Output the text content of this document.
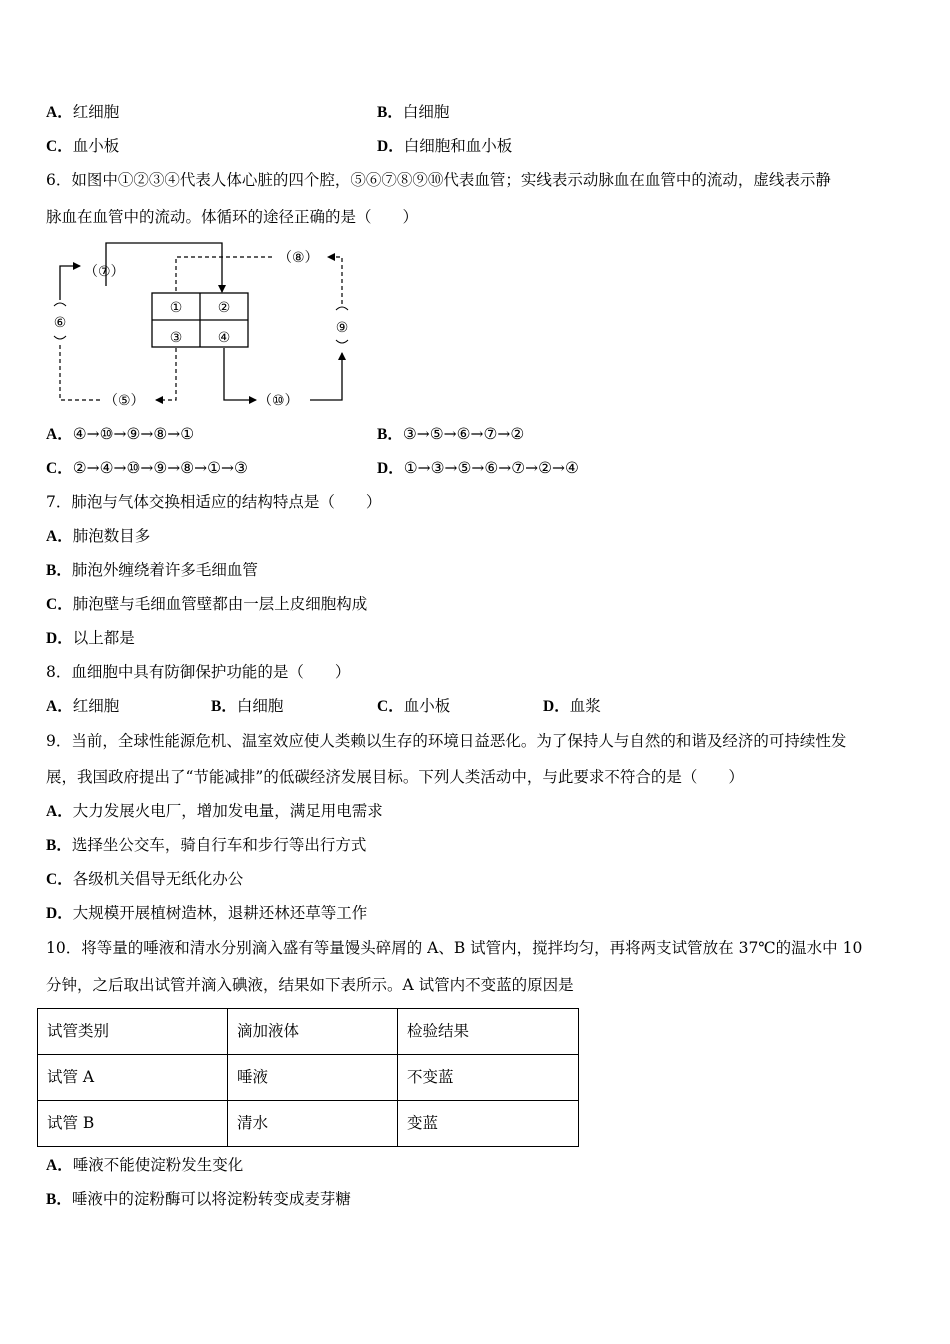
A．红细胞	B．白细胞
C．血小板	D．白细胞和血小板
6．如图中①②③④代表人体心脏的四个腔，⑤⑥⑦⑧⑨⑩代表血管；实线表示动脉血在血管中的流动，虚线表示静
脉血在血管中的流动。体循环的途径正确的是（　　）
①	②
③	④
（⑦）
（⑧）
⑥	⑨
（⑤）	（⑩）
A．④→⑩→⑨→⑧→①	B．③→⑤→⑥→⑦→②
C．②→④→⑩→⑨→⑧→①→③	D．①→③→⑤→⑥→⑦→②→④
7．肺泡与气体交换相适应的结构特点是（　　）
A．肺泡数目多
B．肺泡外缠绕着许多毛细血管
C．肺泡壁与毛细血管壁都由一层上皮细胞构成
D．以上都是
8．血细胞中具有防御保护功能的是（　　）
A．红细胞	B．白细胞	C．血小板	D．血浆
9．当前，全球性能源危机、温室效应使人类赖以生存的环境日益恶化。为了保持人与自然的和谐及经济的可持续性发
展，我国政府提出了“节能减排”的低碳经济发展目标。下列人类活动中，与此要求不符合的是（　　）
A．大力发展火电厂，增加发电量，满足用电需求
B．选择坐公交车，骑自行车和步行等出行方式
C．各级机关倡导无纸化办公
D．大规模开展植树造林，退耕还林还草等工作
10．将等量的唾液和清水分别滴入盛有等量馒头碎屑的 A、B 试管内，搅拌均匀，再将两支试管放在 37℃的温水中 10
分钟，之后取出试管并滴入碘液，结果如下表所示。A 试管内不变蓝的原因是
试管类别	滴加液体	检验结果
试管 A	唾液	不变蓝
试管 B	清水	变蓝
A．唾液不能使淀粉发生变化
B．唾液中的淀粉酶可以将淀粉转变成麦芽糖
